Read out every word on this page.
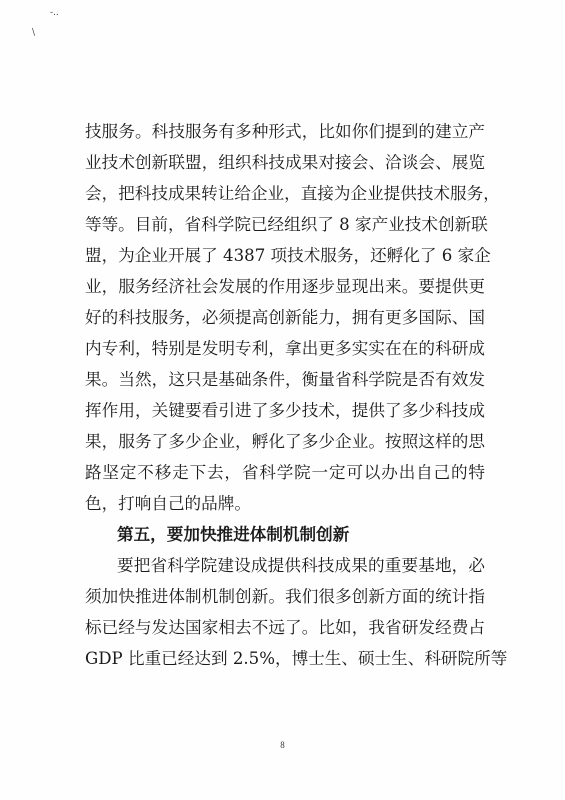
-..
\
技服务。科技服务有多种形式，比如你们提到的建立产
业技术创新联盟，组织科技成果对接会、洽谈会、展览
会，把科技成果转让给企业，直接为企业提供技术服务，
等等。目前，省科学院已经组织了 8 家产业技术创新联
盟，为企业开展了 4387 项技术服务，还孵化了 6 家企
业，服务经济社会发展的作用逐步显现出来。要提供更
好的科技服务，必须提高创新能力，拥有更多国际、国
内专利，特别是发明专利，拿出更多实实在在的科研成
果。当然，这只是基础条件，衡量省科学院是否有效发
挥作用，关键要看引进了多少技术，提供了多少科技成
果，服务了多少企业，孵化了多少企业。按照这样的思
路坚定不移走下去，省科学院一定可以办出自己的特
色，打响自己的品牌。
第五，要加快推进体制机制创新
要把省科学院建设成提供科技成果的重要基地，必
须加快推进体制机制创新。我们很多创新方面的统计指
标已经与发达国家相去不远了。比如，我省研发经费占
GDP 比重已经达到 2.5%，博士生、硕士生、科研院所等
8
